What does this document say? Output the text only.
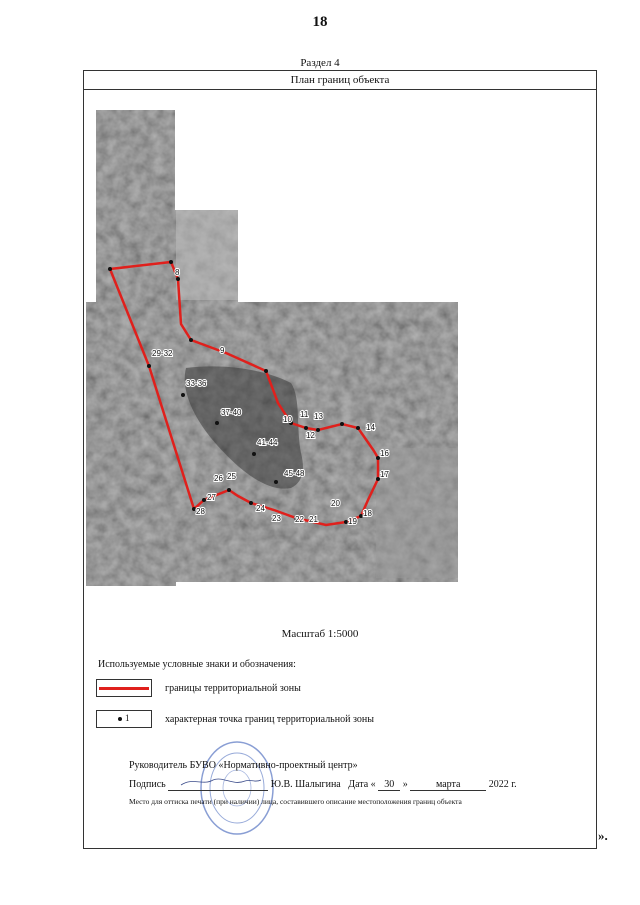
18
Раздел 4
План границ объекта
8
29-32
33-36
37-40
41-44
45-48
10
11
12
13
14
16
17
18
19
20
21
22
23
24
25
26
27
28
9
Масштаб 1:5000
Используемые условные знаки и обозначения:
границы территориальной зоны
1	характерная точка границ территориальной зоны
Руководитель БУВО «Нормативно-проектный центр»
Подпись	Ю.В. Шалыгина Дата « 30 »	марта	2022 г.
Место для оттиска печати (при наличии) лица, составившего описание местоположения границ объекта
».
